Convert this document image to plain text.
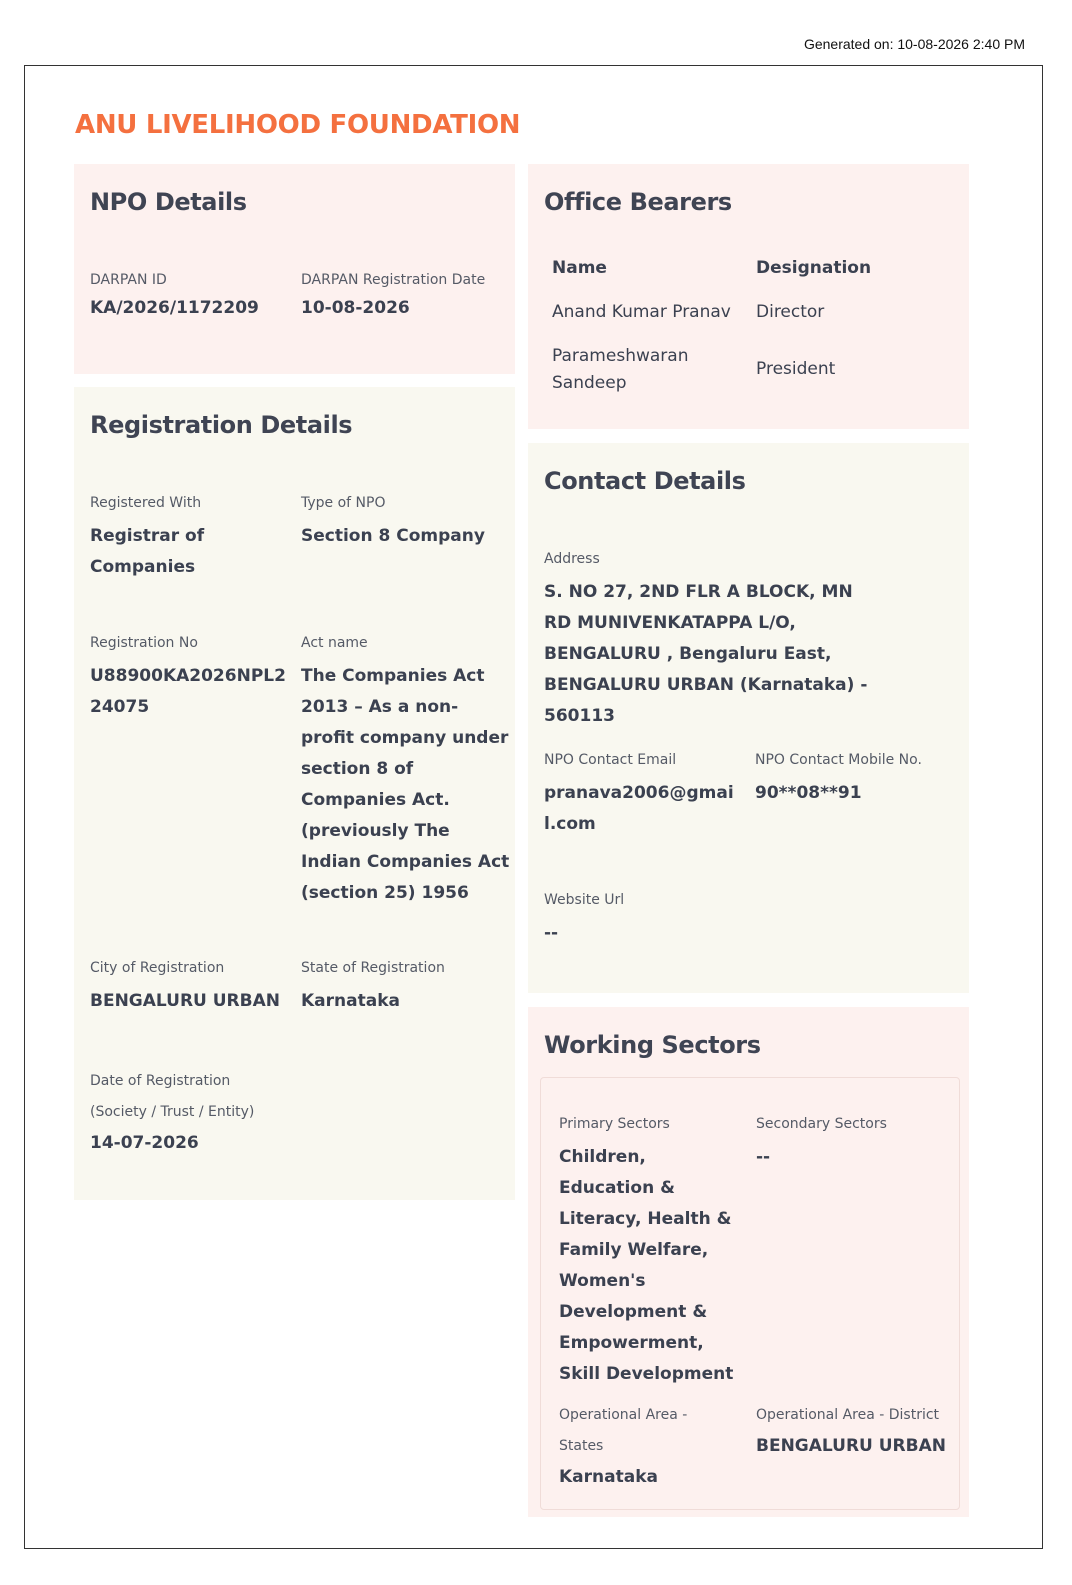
Generated on: 10-08-2026 2:40 PM
ANU LIVELIHOOD FOUNDATION
NPO Details
DARPAN ID
KA/2026/1172209
DARPAN Registration Date
10-08-2026
Office Bearers
Name	Designation
Anand Kumar Pranav	Director
Parameshwaran Sandeep
President
Registration Details
Registered With
Registrar of Companies
Type of NPO
Section 8 Company
Registration No
U88900KA2026NPL224075
Act name
The Companies Act 2013 – As a non-profit company under section 8 of Companies Act. (previously The Indian Companies Act (section 25) 1956
City of Registration
BENGALURU URBAN
State of Registration
Karnataka
Date of Registration (Society / Trust / Entity)
14-07-2026
Contact Details
Address
S. NO 27, 2ND FLR A BLOCK, MN RD MUNIVENKATAPPA L/O, BENGALURU , Bengaluru East, BENGALURU URBAN (Karnataka) - 560113
NPO Contact Email
pranava2006@gmail.com
NPO Contact Mobile No.
90**08**91
Website Url
--
Working Sectors
Primary Sectors
Children, Education & Literacy, Health & Family Welfare, Women's Development & Empowerment, Skill Development
Secondary Sectors
--
Operational Area - States
Karnataka
Operational Area - District
BENGALURU URBAN
